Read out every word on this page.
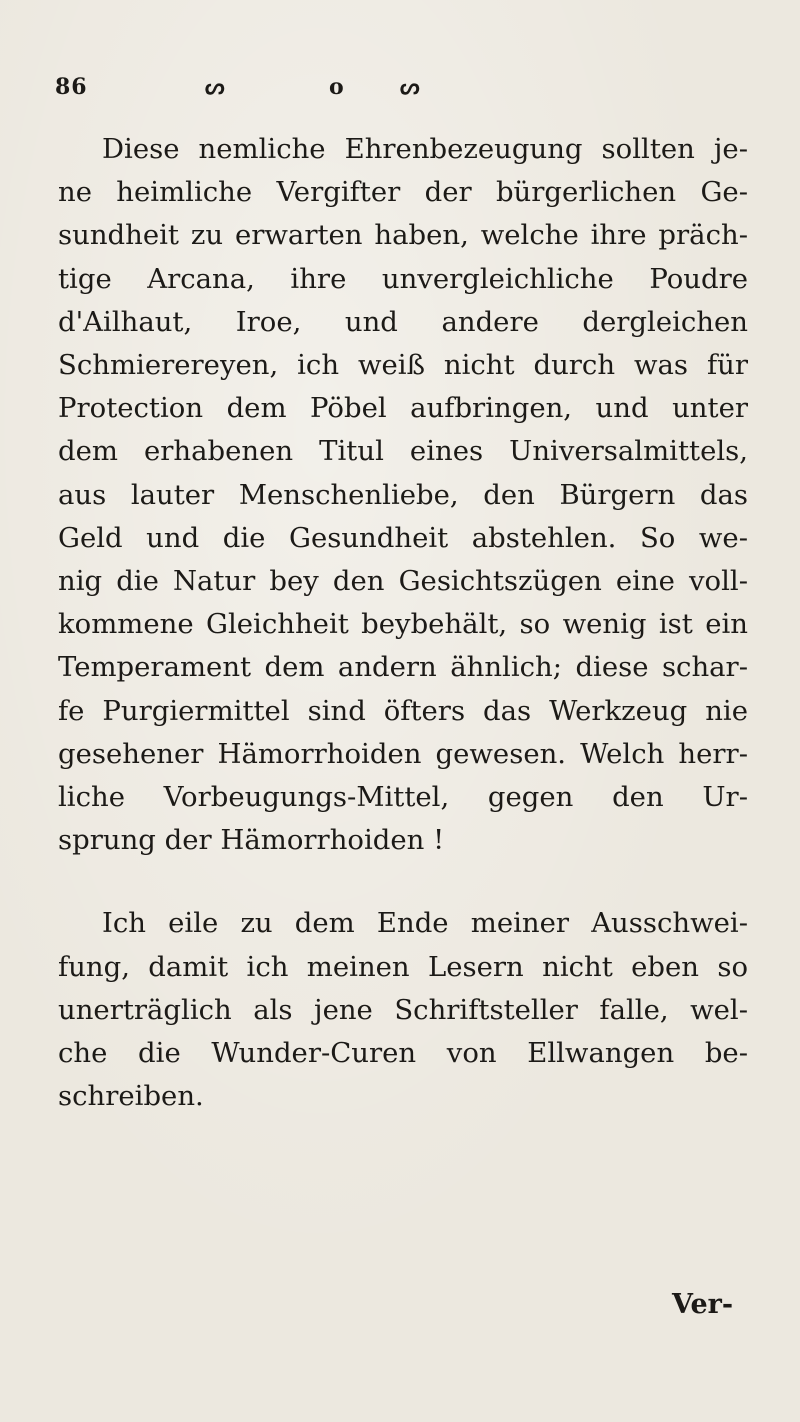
86	ᔕ	o	ᔕ
Diese nemliche Ehrenbezeugung sollten je-
ne heimliche Vergifter der bürgerlichen Ge-
sundheit zu erwarten haben, welche ihre präch-
tige Arcana, ihre unvergleichliche Poudre
d'Ailhaut, Iroe, und andere dergleichen
Schmierereyen, ich weiß nicht durch was für
Protection dem Pöbel aufbringen, und unter
dem erhabenen Titul eines Universalmittels,
aus lauter Menschenliebe, den Bürgern das
Geld und die Gesundheit abstehlen. So we-
nig die Natur bey den Gesichtszügen eine voll-
kommene Gleichheit beybehält, so wenig ist ein
Temperament dem andern ähnlich; diese schar-
fe Purgiermittel sind öfters das Werkzeug nie
gesehener Hämorrhoiden gewesen. Welch herr-
liche Vorbeugungs-Mittel, gegen den Ur-
sprung der Hämorrhoiden !
Ich eile zu dem Ende meiner Ausschwei-
fung, damit ich meinen Lesern nicht eben so
unerträglich als jene Schriftsteller falle, wel-
che die Wunder-Curen von Ellwangen be-
schreiben.
Ver-
